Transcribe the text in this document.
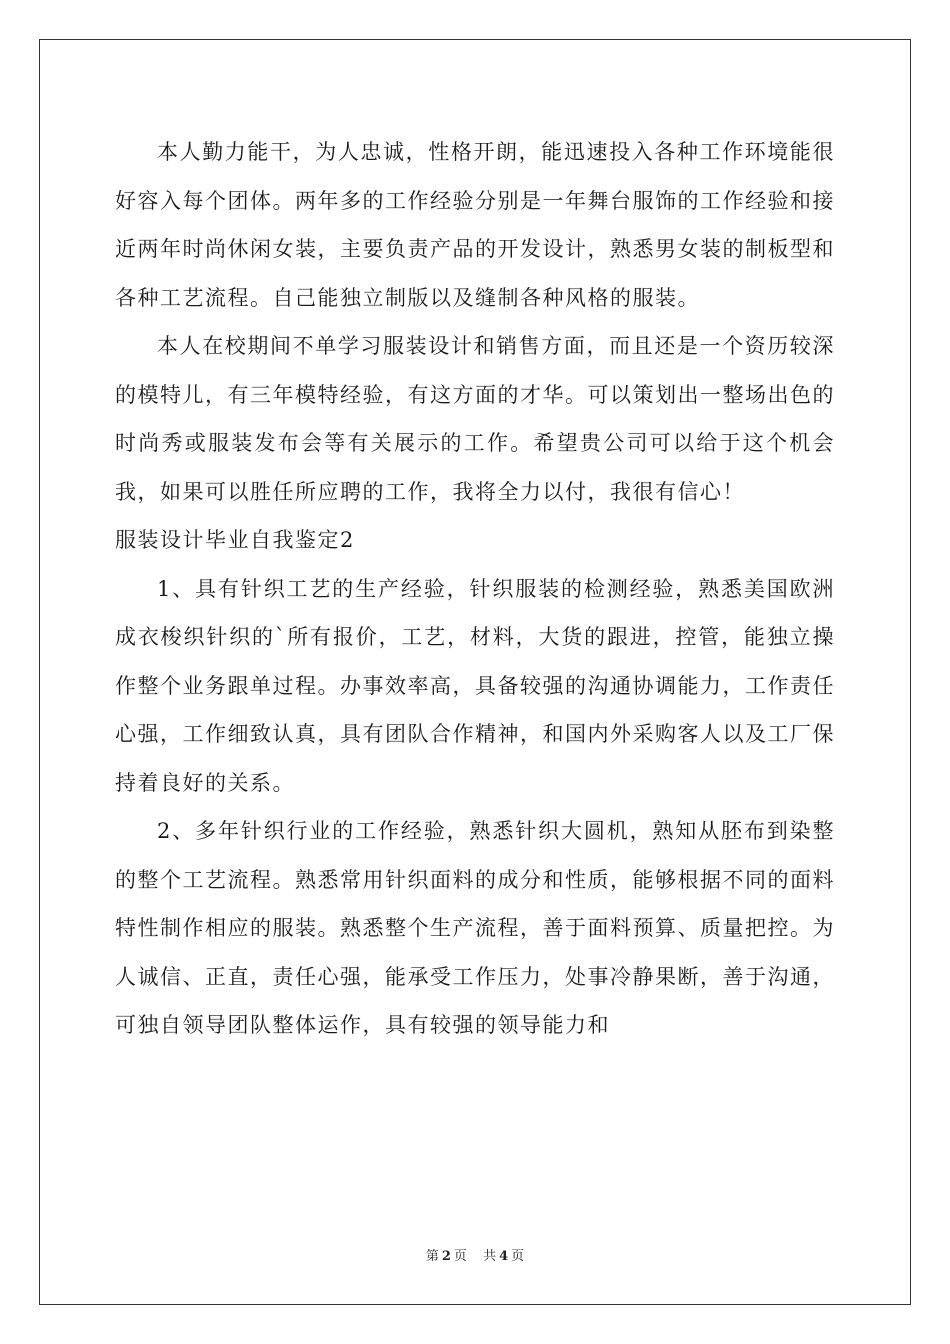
本人勤力能干，为人忠诚，性格开朗，能迅速投入各种工作环境能很好容入每个团体。两年多的工作经验分别是一年舞台服饰的工作经验和接近两年时尚休闲女装，主要负责产品的开发设计，熟悉男女装的制板型和各种工艺流程。自己能独立制版以及缝制各种风格的服装。

本人在校期间不单学习服装设计和销售方面，而且还是一个资历较深的模特儿，有三年模特经验，有这方面的才华。可以策划出一整场出色的时尚秀或服装发布会等有关展示的工作。希望贵公司可以给于这个机会我，如果可以胜任所应聘的工作，我将全力以付，我很有信心！

服装设计毕业自我鉴定2

1、具有针织工艺的生产经验，针织服装的检测经验，熟悉美国欧洲成衣梭织针织的`所有报价，工艺，材料，大货的跟进，控管，能独立操作整个业务跟单过程。办事效率高，具备较强的沟通协调能力，工作责任心强，工作细致认真，具有团队合作精神，和国内外采购客人以及工厂保持着良好的关系。

2、多年针织行业的工作经验，熟悉针织大圆机，熟知从胚布到染整的整个工艺流程。熟悉常用针织面料的成分和性质，能够根据不同的面料特性制作相应的服装。熟悉整个生产流程，善于面料预算、质量把控。为人诚信、正直，责任心强，能承受工作压力，处事冷静果断，善于沟通，可独自领导团队整体运作，具有较强的领导能力和

第 2 页 共 4 页
